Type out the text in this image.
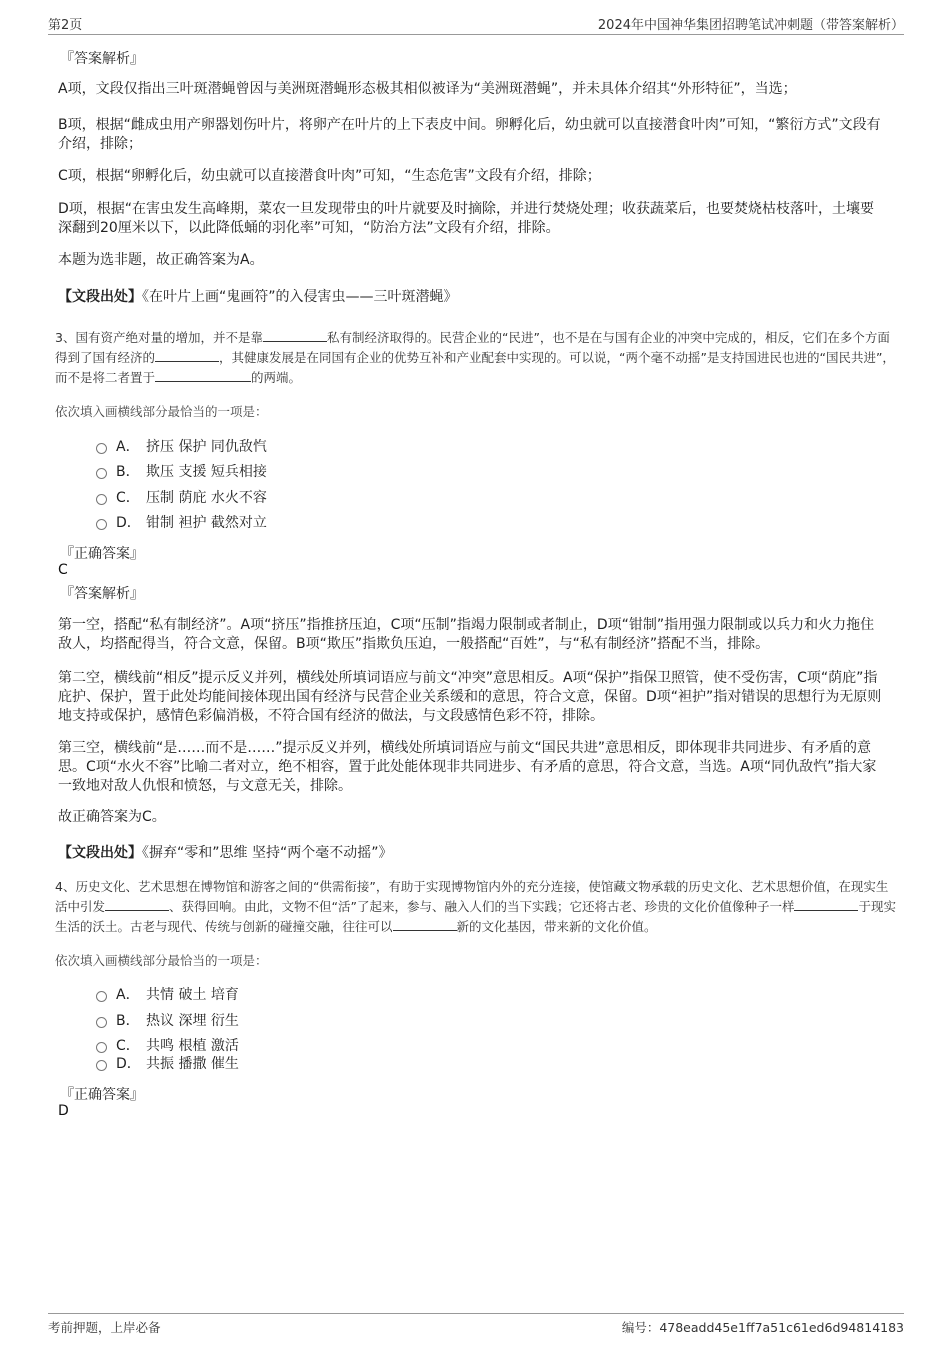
第2页	2024年中国神华集团招聘笔试冲刺题（带答案解析）
『答案解析』

A项，文段仅指出三叶斑潜蝇曾因与美洲斑潜蝇形态极其相似被译为“美洲斑潜蝇”，并未具体介绍其“外形特征”，当选；

B项，根据“雌成虫用产卵器划伤叶片，将卵产在叶片的上下表皮中间。卵孵化后，幼虫就可以直接潜食叶肉”可知，“繁衍方式”文段有介绍，排除；

C项，根据“卵孵化后，幼虫就可以直接潜食叶肉”可知，“生态危害”文段有介绍，排除；

D项，根据“在害虫发生高峰期，菜农一旦发现带虫的叶片就要及时摘除，并进行焚烧处理；收获蔬菜后，也要焚烧枯枝落叶，土壤要深翻到20厘米以下，以此降低蛹的羽化率”可知，“防治方法”文段有介绍，排除。

本题为选非题，故正确答案为A。

【文段出处】《在叶片上画“鬼画符”的入侵害虫——三叶斑潜蝇》

3、国有资产绝对量的增加，并不是靠	私有制经济取得的。民营企业的“民进”，也不是在与国有企业的冲突中完成的，相反，它们在多个方面得到了国有经济的	，其健康发展是在同国有企业的优势互补和产业配套中实现的。可以说，“两个毫不动摇”是支持国进民也进的“国民共进”，而不是将二者置于	的两端。

依次填入画横线部分最恰当的一项是：
A． 挤压 保护 同仇敌忾
B． 欺压 支援 短兵相接
C． 压制 荫庇 水火不容
D． 钳制 袒护 截然对立
『正确答案』
C
『答案解析』

第一空，搭配“私有制经济”。A项“挤压”指推挤压迫，C项“压制”指竭力限制或者制止，D项“钳制”指用强力限制或以兵力和火力拖住敌人，均搭配得当，符合文意，保留。B项“欺压”指欺负压迫，一般搭配“百姓”，与“私有制经济”搭配不当，排除。

第二空，横线前“相反”提示反义并列，横线处所填词语应与前文“冲突”意思相反。A项“保护”指保卫照管，使不受伤害，C项“荫庇”指庇护、保护，置于此处均能间接体现出国有经济与民营企业关系缓和的意思，符合文意，保留。D项“袒护”指对错误的思想行为无原则地支持或保护，感情色彩偏消极，不符合国有经济的做法，与文段感情色彩不符，排除。

第三空，横线前“是……而不是……”提示反义并列，横线处所填词语应与前文“国民共进”意思相反，即体现非共同进步、有矛盾的意思。C项“水火不容”比喻二者对立，绝不相容，置于此处能体现非共同进步、有矛盾的意思，符合文意，当选。A项“同仇敌忾”指大家一致地对敌人仇恨和愤怒，与文意无关，排除。

故正确答案为C。

【文段出处】《摒弃“零和”思维 坚持“两个毫不动摇”》

4、历史文化、艺术思想在博物馆和游客之间的“供需衔接”，有助于实现博物馆内外的充分连接，使馆藏文物承载的历史文化、艺术思想价值，在现实生活中引发	、获得回响。由此，文物不但“活”了起来，参与、融入人们的当下实践；它还将古老、珍贵的文化价值像种子一样	于现实生活的沃土。古老与现代、传统与创新的碰撞交融，往往可以	新的文化基因，带来新的文化价值。

依次填入画横线部分最恰当的一项是：
A． 共情 破土 培育
B． 热议 深埋 衍生
C． 共鸣 根植 激活
D． 共振 播撒 催生
『正确答案』
D
考前押题，上岸必备	编号：478eadd45e1ff7a51c61ed6d94814183
